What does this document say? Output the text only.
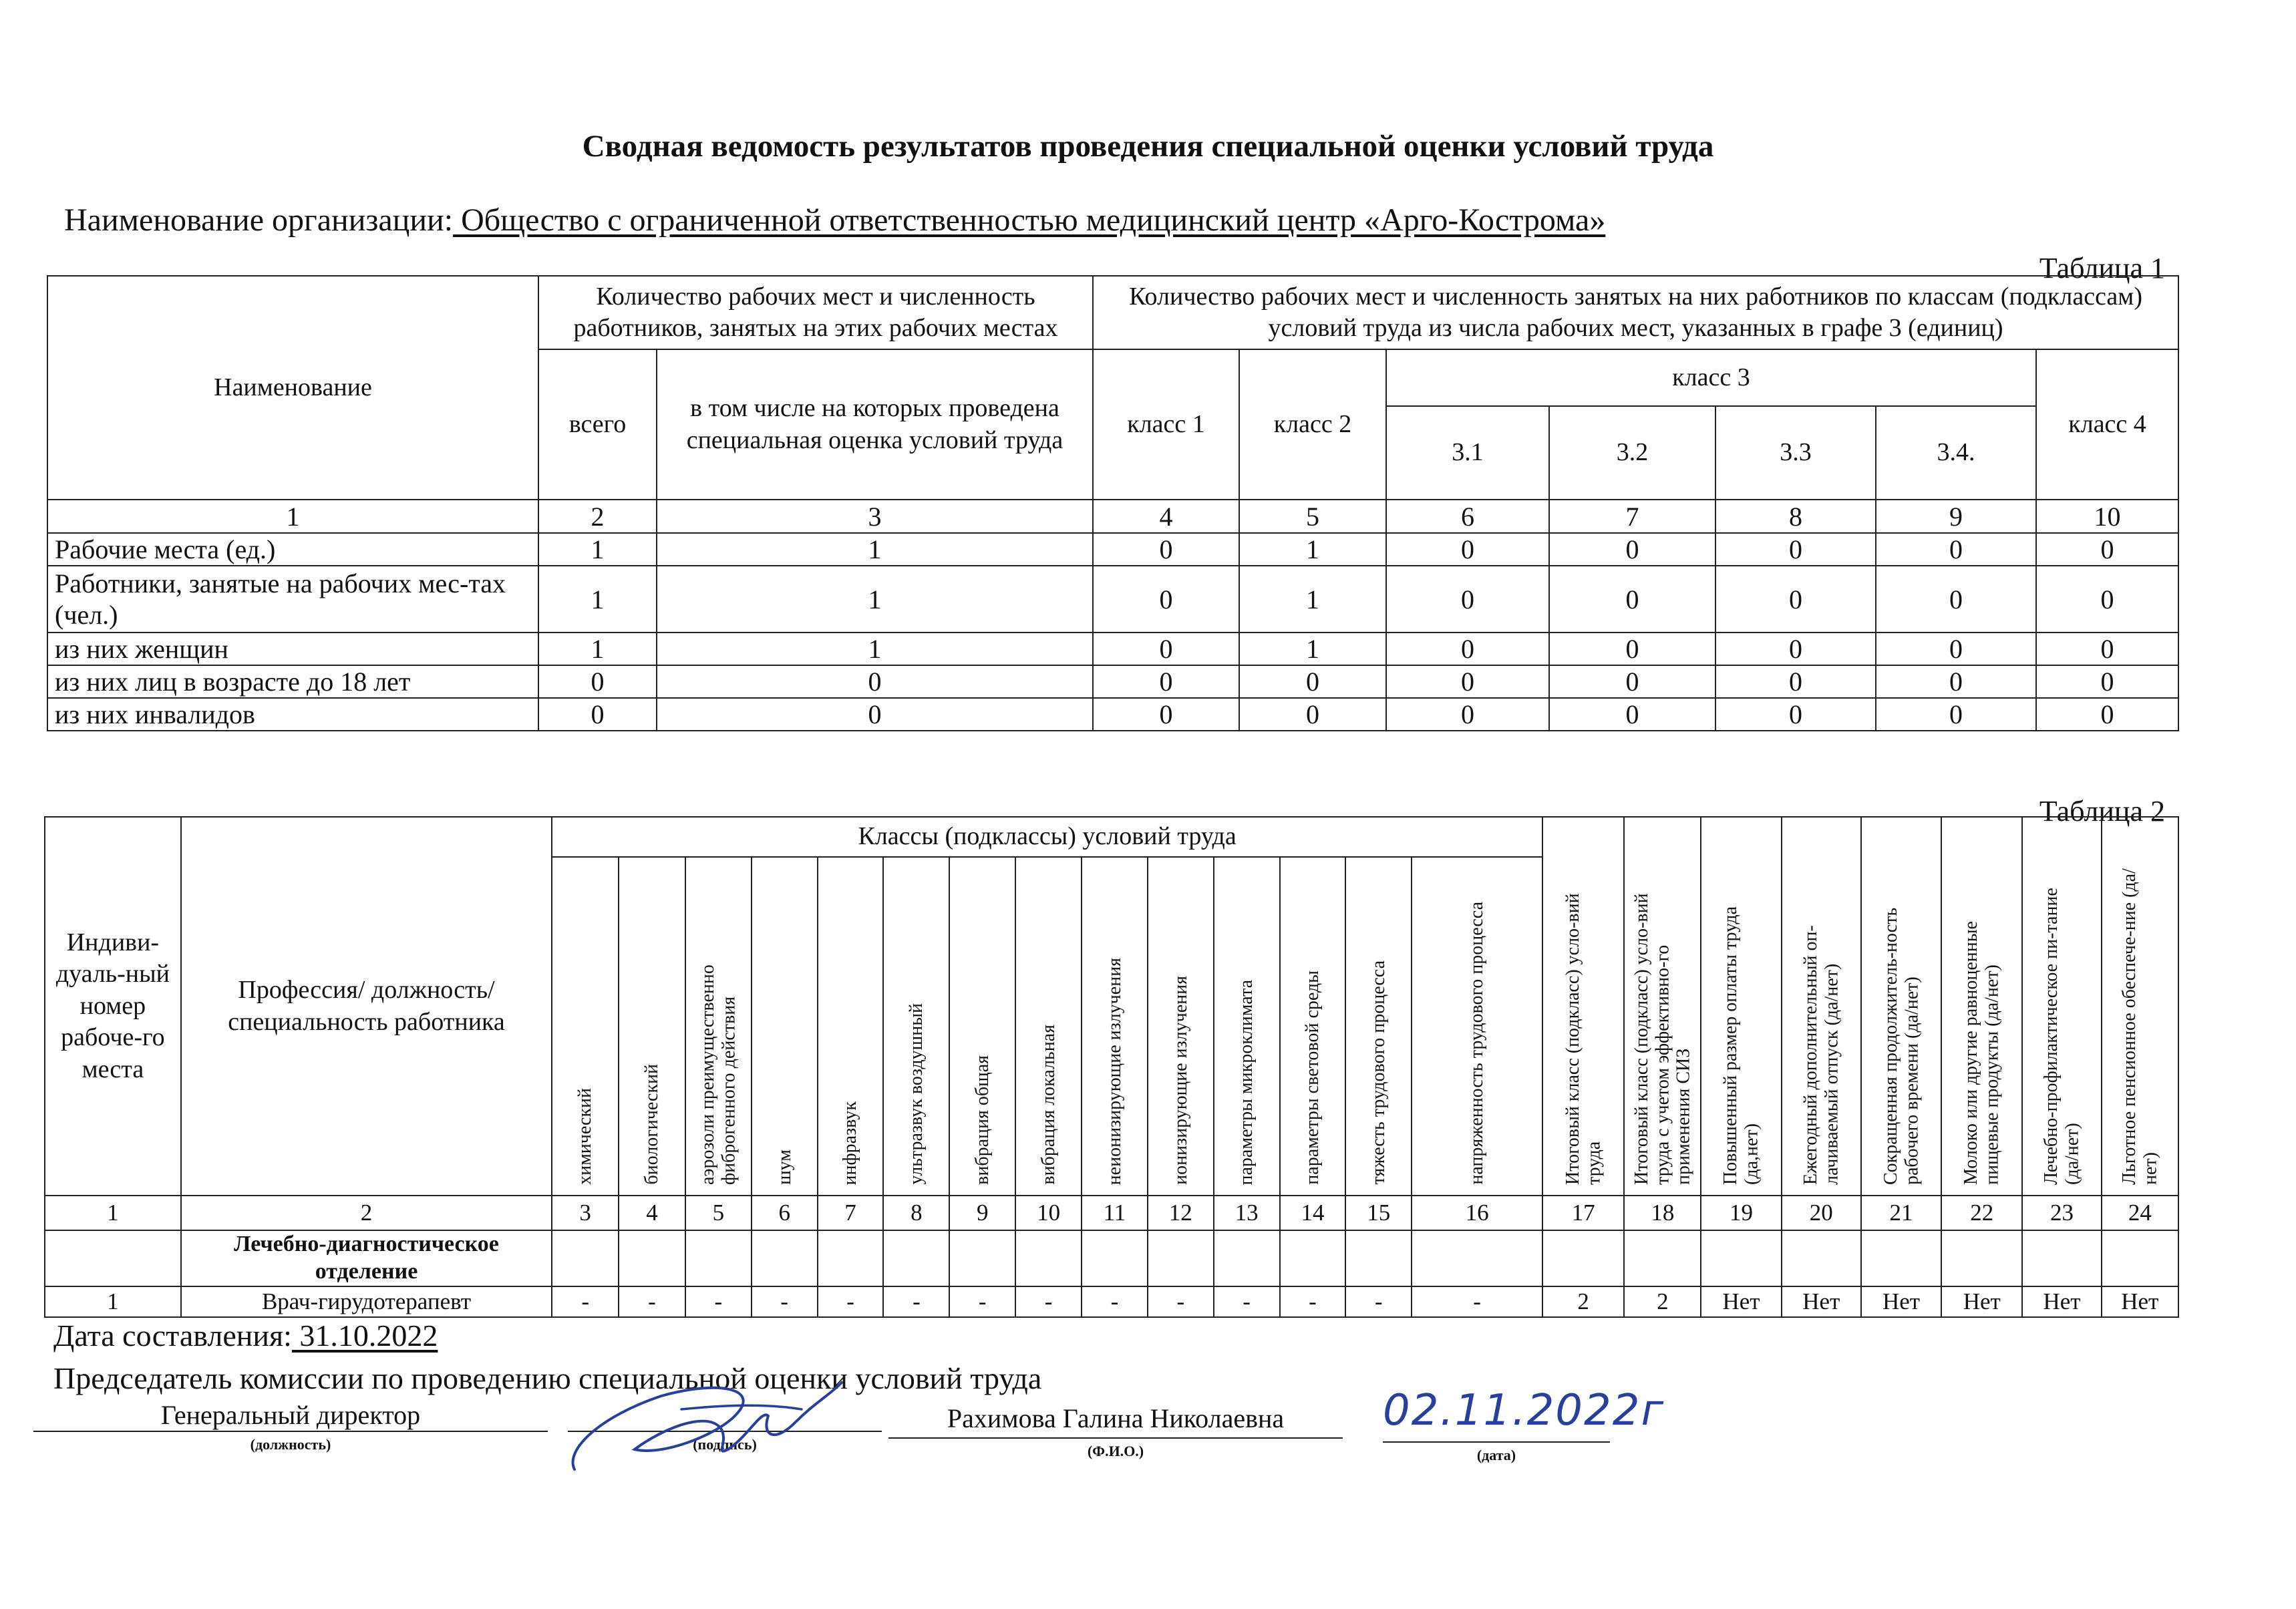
Сводная ведомость результатов проведения специальной оценки условий труда
Наименование организации: Общество с ограниченной ответственностью медицинский центр «Арго-Кострома»
Таблица 1
Наименование	Количество рабочих мест и численность работников, занятых на этих рабочих местах		Количество рабочих мест и численность занятых на них работников по классам (подклассам) условий труда из числа рабочих мест, указанных в графе 3 (единиц)						
	всего	в том числе на которых проведена специальная оценка условий труда	класс 1	класс 2	класс 3				класс 4
					3.1	3.2	3.3	3.4.	
1	2	3	4	5	6	7	8	9	10
Рабочие места (ед.)	1	1	0	1	0	0	0	0	0
Работники, занятые на рабочих мес-тах (чел.)	1	1	0	1	0	0	0	0	0
из них женщин	1	1	0	1	0	0	0	0	0
из них лиц в возрасте до 18 лет	0	0	0	0	0	0	0	0	0
из них инвалидов	0	0	0	0	0	0	0	0	0
Таблица 2
Индиви-дуаль-ный номер рабоче-го места	Профессия/ должность/ специальность работника	Классы (подклассы) условий труда														Итоговый класс (подкласс) усло-вий труда	Итоговый класс (подкласс) усло-вий труда с учетом эффективно-го применения СИЗ	Повышенный размер оплаты труда (да,нет)	Ежегодный дополнительный оп-лачиваемый отпуск (да/нет)	Сокращенная продолжитель-ность рабочего времени (да/нет)	Молоко или другие равноценные пищевые продукты (да/нет)	Лечебно-профилактическое пи-тание (да/нет)	Льготное пенсионное обеспече-ние (да/нет)
		химический	биологический	аэрозоли преимущественно фиброгенного действия	шум	инфразвук	ультразвук воздушный	вибрация общая	вибрация локальная	неионизирующие излучения	ионизирующие излучения	параметры микроклимата	параметры световой среды	тяжесть трудового процесса	напряженность трудового процесса								
1	2	3	4	5	6	7	8	9	10	11	12	13	14	15	16	17	18	19	20	21	22	23	24
	Лечебно-диагностическое отделение																						
1	Врач-гирудотерапевт	-	-	-	-	-	-	-	-	-	-	-	-	-	-	2	2	Нет	Нет	Нет	Нет	Нет	Нет
Дата составления: 31.10.2022
Председатель комиссии по проведению специальной оценки условий труда
Генеральный директор
(должность)	(подпись)
Рахимова Галина Николаевна
(Ф.И.О.)
02.11.2022г
(дата)
